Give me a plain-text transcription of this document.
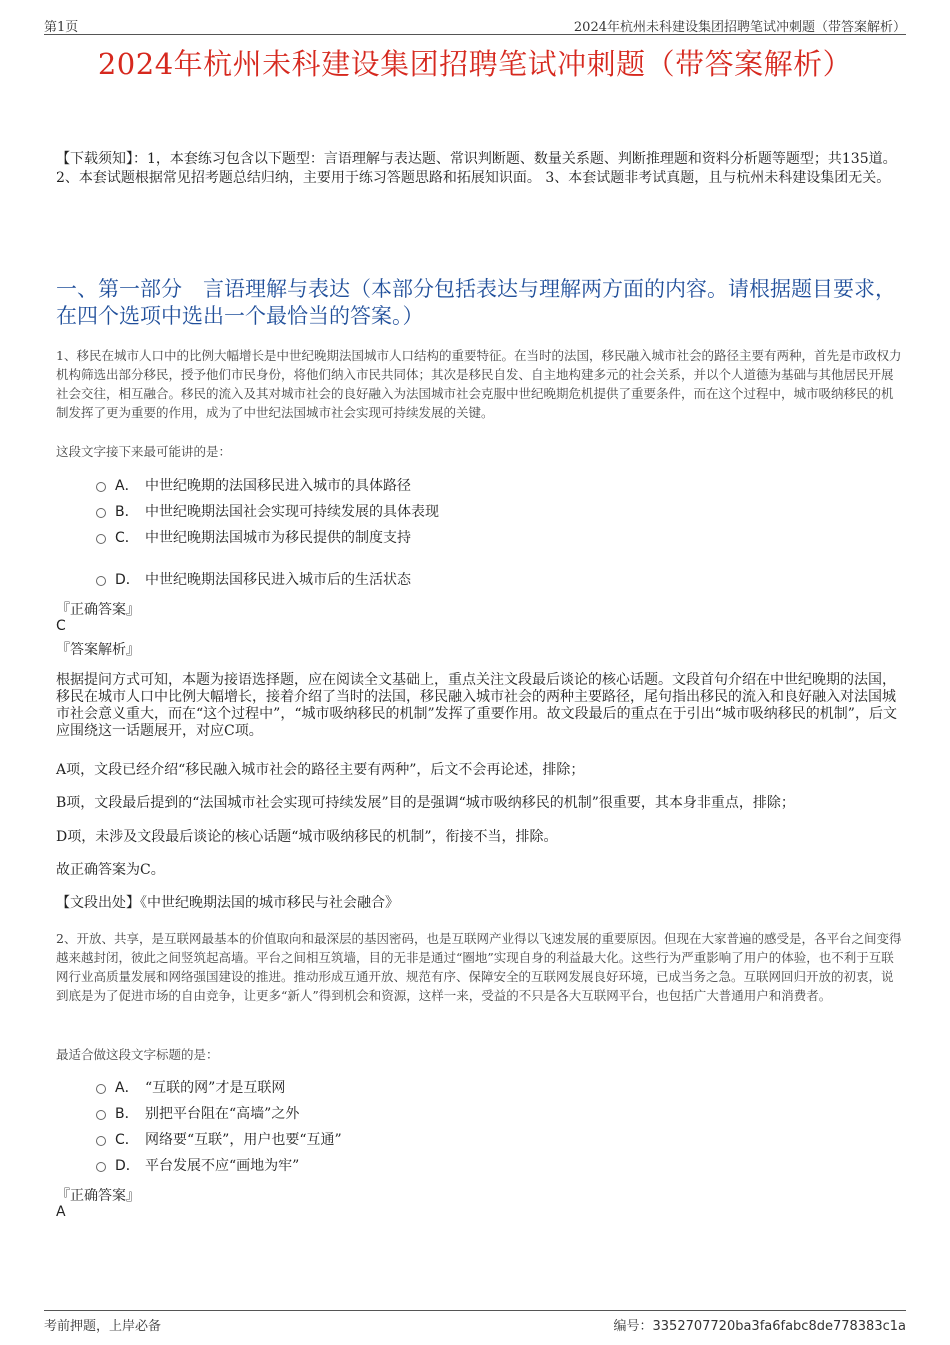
第1页	2024年杭州未科建设集团招聘笔试冲刺题（带答案解析）
2024年杭州未科建设集团招聘笔试冲刺题（带答案解析）
【下载须知】：1，本套练习包含以下题型：言语理解与表达题、常识判断题、数量关系题、判断推理题和资料分析题等题型；共135道。 2、本套试题根据常见招考题总结归纳，主要用于练习答题思路和拓展知识面。 3、本套试题非考试真题，且与杭州未科建设集团无关。
一、第一部分　言语理解与表达（本部分包括表达与理解两方面的内容。请根据题目要求，在四个选项中选出一个最恰当的答案。）
1、移民在城市人口中的比例大幅增长是中世纪晚期法国城市人口结构的重要特征。在当时的法国，移民融入城市社会的路径主要有两种，首先是市政权力机构筛选出部分移民，授予他们市民身份，将他们纳入市民共同体；其次是移民自发、自主地构建多元的社会关系，并以个人道德为基础与其他居民开展社会交往，相互融合。移民的流入及其对城市社会的良好融入为法国城市社会克服中世纪晚期危机提供了重要条件，而在这个过程中，城市吸纳移民的机制发挥了更为重要的作用，成为了中世纪法国城市社会实现可持续发展的关键。
这段文字接下来最可能讲的是：
A． 中世纪晚期的法国移民进入城市的具体路径
B． 中世纪晚期法国社会实现可持续发展的具体表现
C． 中世纪晚期法国城市为移民提供的制度支持
D． 中世纪晚期法国移民进入城市后的生活状态
『正确答案』
C
『答案解析』
根据提问方式可知，本题为接语选择题，应在阅读全文基础上，重点关注文段最后谈论的核心话题。文段首句介绍在中世纪晚期的法国，移民在城市人口中比例大幅增长，接着介绍了当时的法国，移民融入城市社会的两种主要路径，尾句指出移民的流入和良好融入对法国城市社会意义重大，而在“这个过程中”，“城市吸纳移民的机制”发挥了重要作用。故文段最后的重点在于引出“城市吸纳移民的机制”，后文应围绕这一话题展开，对应C项。
A项，文段已经介绍“移民融入城市社会的路径主要有两种”，后文不会再论述，排除；
B项，文段最后提到的“法国城市社会实现可持续发展”目的是强调“城市吸纳移民的机制”很重要，其本身非重点，排除；
D项，未涉及文段最后谈论的核心话题“城市吸纳移民的机制”，衔接不当，排除。
故正确答案为C。
【文段出处】《中世纪晚期法国的城市移民与社会融合》
2、开放、共享，是互联网最基本的价值取向和最深层的基因密码，也是互联网产业得以飞速发展的重要原因。但现在大家普遍的感受是，各平台之间变得越来越封闭，彼此之间竖筑起高墙。平台之间相互筑墙，目的无非是通过“圈地”实现自身的利益最大化。这些行为严重影响了用户的体验，也不利于互联网行业高质量发展和网络强国建设的推进。推动形成互通开放、规范有序、保障安全的互联网发展良好环境，已成当务之急。互联网回归开放的初衷，说到底是为了促进市场的自由竞争，让更多“新人”得到机会和资源，这样一来，受益的不只是各大互联网平台，也包括广大普通用户和消费者。
最适合做这段文字标题的是：
A． “互联的网”才是互联网
B． 别把平台阻在“高墙”之外
C． 网络要“互联”，用户也要“互通”
D． 平台发展不应“画地为牢”
『正确答案』
A
考前押题，上岸必备	编号：3352707720ba3fa6fabc8de778383c1a
